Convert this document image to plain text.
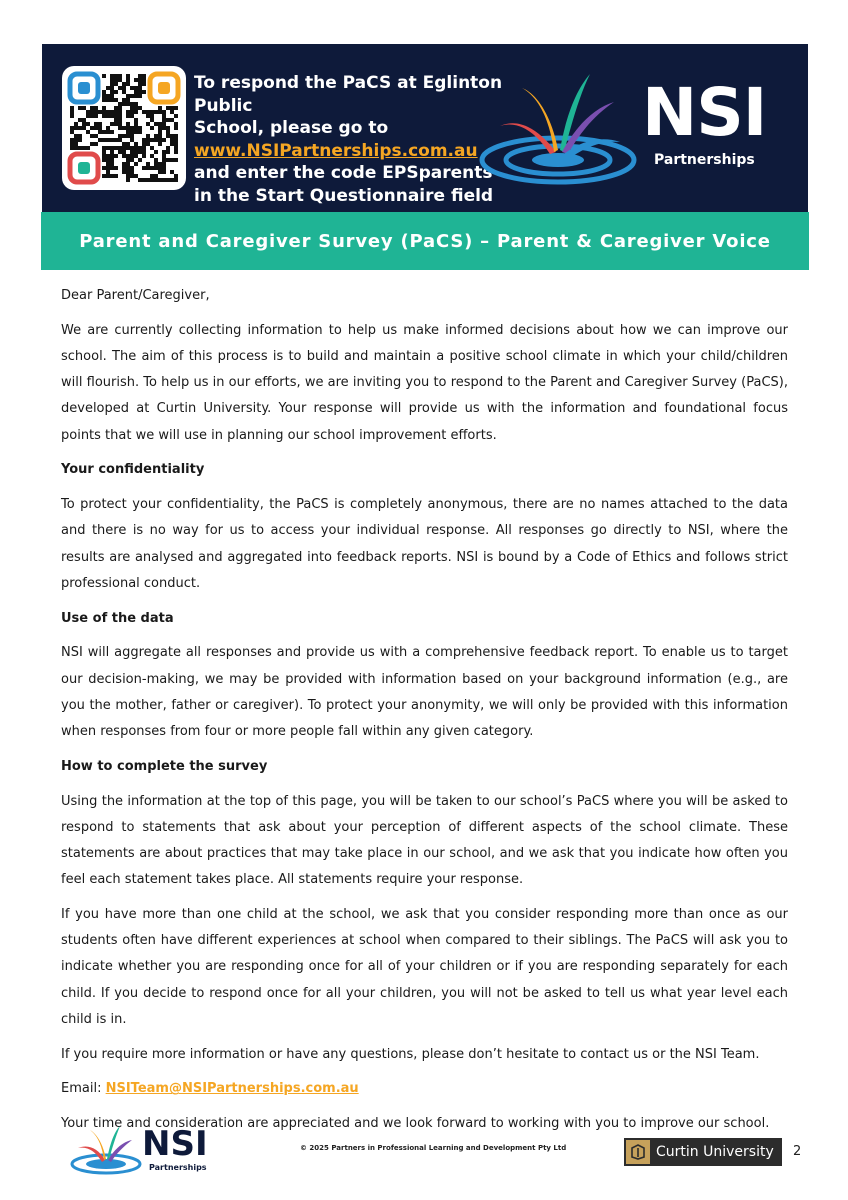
To respond the PaCS at Eglinton Public
School, please go to
www.NSIPartnerships.com.au
and enter the code EPSparents
in the Start Questionnaire field
NSI
Partnerships
Parent and Caregiver Survey (PaCS) – Parent & Caregiver Voice

Dear Parent/Caregiver,

We are currently collecting information to help us make informed decisions about how we can improve our school. The aim of this process is to build and maintain a positive school climate in which your child/children will flourish. To help us in our efforts, we are inviting you to respond to the Parent and Caregiver Survey (PaCS), developed at Curtin University. Your response will provide us with the information and foundational focus points that we will use in planning our school improvement efforts.

Your confidentiality

To protect your confidentiality, the PaCS is completely anonymous, there are no names attached to the data and there is no way for us to access your individual response. All responses go directly to NSI, where the results are analysed and aggregated into feedback reports. NSI is bound by a Code of Ethics and follows strict professional conduct.

Use of the data

NSI will aggregate all responses and provide us with a comprehensive feedback report. To enable us to target our decision-making, we may be provided with information based on your background information (e.g., are you the mother, father or caregiver). To protect your anonymity, we will only be provided with this information when responses from four or more people fall within any given category.

How to complete the survey

Using the information at the top of this page, you will be taken to our school’s PaCS where you will be asked to respond to statements that ask about your perception of different aspects of the school climate. These statements are about practices that may take place in our school, and we ask that you indicate how often you feel each statement takes place. All statements require your response.

If you have more than one child at the school, we ask that you consider responding more than once as our students often have different experiences at school when compared to their siblings. The PaCS will ask you to indicate whether you are responding once for all of your children or if you are responding separately for each child. If you decide to respond once for all your children, you will not be asked to tell us what year level each child is in.

If you require more information or have any questions, please don’t hesitate to contact us or the NSI Team.

Email: NSITeam@NSIPartnerships.com.au

Your time and consideration are appreciated and we look forward to working with you to improve our school.

NSI
Partnerships
© 2025 Partners in Professional Learning and Development Pty Ltd	Curtin University 2
